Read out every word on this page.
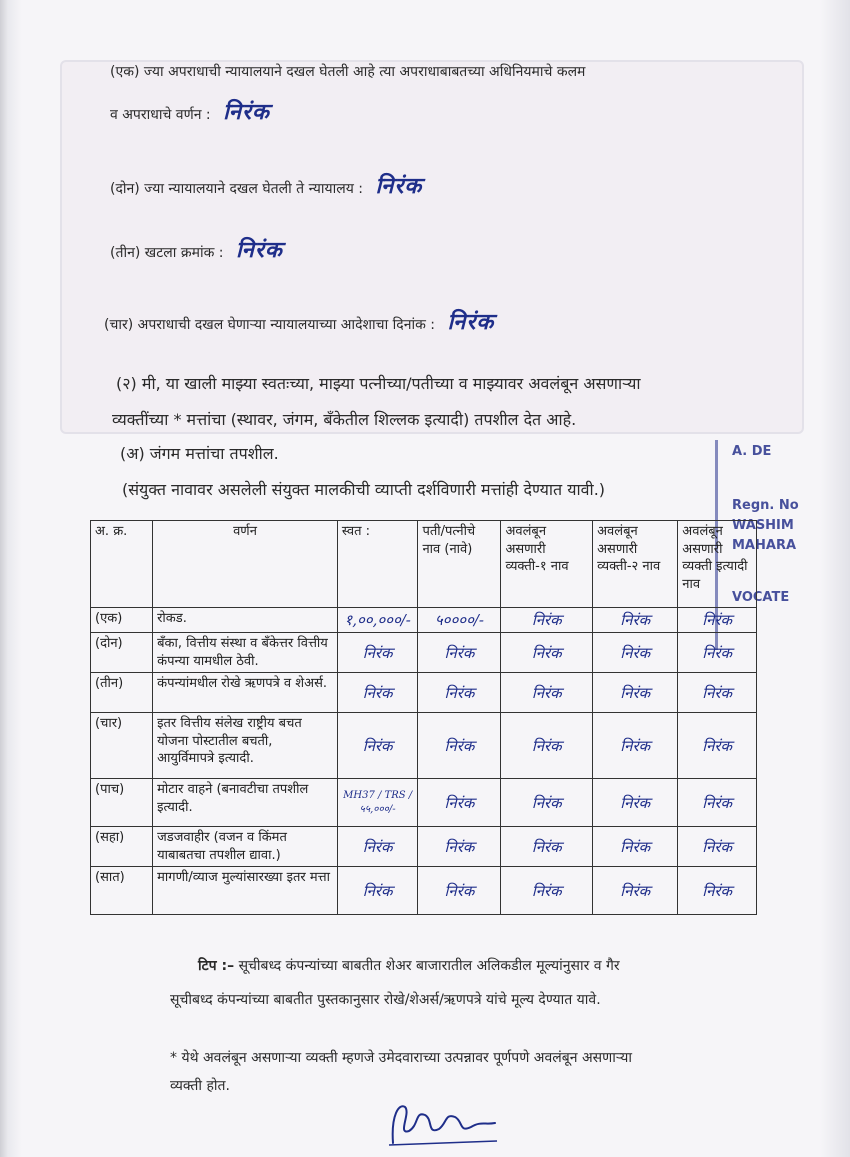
(एक) ज्या अपराधाची न्यायालयाने दखल घेतली आहे त्या अपराधाबाबतच्या अधिनियमाचे कलम
व अपराधाचे वर्णन : निरंक
(दोन) ज्या न्यायालयाने दखल घेतली ते न्यायालय : निरंक
(तीन) खटला क्रमांक : निरंक
(चार) अपराधाची दखल घेणाऱ्या न्यायालयाच्या आदेशाचा दिनांक : निरंक
(२) मी, या खाली माझ्या स्वतःच्या, माझ्या पत्नीच्या/पतीच्या व माझ्यावर अवलंबून असणाऱ्या
व्यक्तींच्या * मत्तांचा (स्थावर, जंगम, बँकेतील शिल्लक इत्यादी) तपशील देत आहे.
(अ) जंगम मत्तांचा तपशील.
(संयुक्त नावावर असलेली संयुक्त मालकीची व्याप्ती दर्शविणारी मत्तांही देण्यात यावी.)
A. DE
Regn. No
WASHIM
MAHARA
VOCATE
अ. क्र.	वर्णन	स्वत :	पती/पत्नीचे नाव (नावे)	अवलंबून असणारी व्यक्ती-१ नाव	अवलंबून असणारी व्यक्ती-२ नाव	अवलंबून असणारी व्यक्ती इत्यादी नाव
(एक)	रोकड.	१,००,०००/-	५००००/-	निरंक	निरंक	निरंक
(दोन)	बँका, वित्तीय संस्था व बँकेत्तर वित्तीय कंपन्या यामधील ठेवी.	निरंक	निरंक	निरंक	निरंक	निरंक
(तीन)	कंपन्यांमधील रोखे ऋणपत्रे व शेअर्स.	निरंक	निरंक	निरंक	निरंक	निरंक
(चार)	इतर वित्तीय संलेख राष्ट्रीय बचत योजना पोस्टातील बचती, आयुर्विमापत्रे इत्यादी.	निरंक	निरंक	निरंक	निरंक	निरंक
(पाच)	मोटार वाहने (बनावटीचा तपशील इत्यादी.	MH37 / TRS / ५५,०००/-	निरंक	निरंक	निरंक	निरंक
(सहा)	जडजवाहीर (वजन व किंमत याबाबतचा तपशील द्यावा.)	निरंक	निरंक	निरंक	निरंक	निरंक
(सात)	मागणी/व्याज मुल्यांसारख्या इतर मत्ता	निरंक	निरंक	निरंक	निरंक	निरंक
टिप :– सूचीबध्द कंपन्यांच्या बाबतीत शेअर बाजारातील अलिकडील मूल्यांनुसार व गैर
सूचीबध्द कंपन्यांच्या बाबतीत पुस्तकानुसार रोखे/शेअर्स/ऋणपत्रे यांचे मूल्य देण्यात यावे.
* येथे अवलंबून असणाऱ्या व्यक्ती म्हणजे उमेदवाराच्या उत्पन्नावर पूर्णपणे अवलंबून असणाऱ्या
व्यक्ती होत.
